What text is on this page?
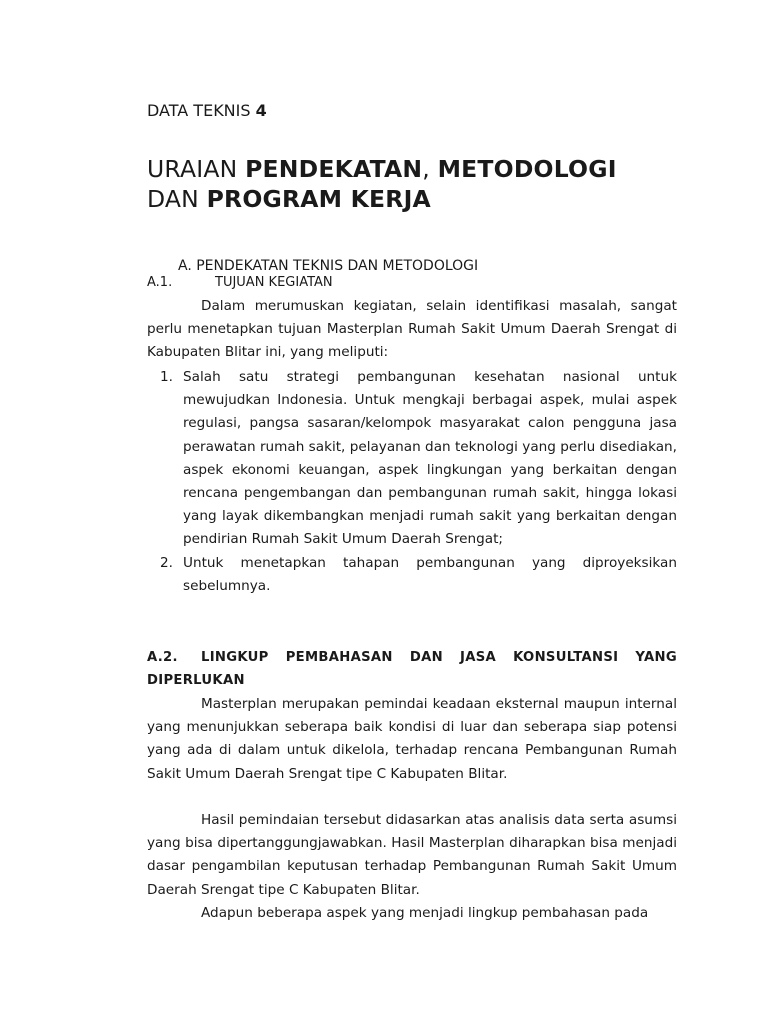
DATA TEKNIS 4
URAIAN PENDEKATAN, METODOLOGI
DAN PROGRAM KERJA
A. PENDEKATAN TEKNIS DAN METODOLOGI
A.1.	TUJUAN KEGIATAN
Dalam merumuskan kegiatan, selain identifikasi masalah, sangat perlu menetapkan tujuan Masterplan Rumah Sakit Umum Daerah Srengat di Kabupaten Blitar ini, yang meliputi:
1. Salah satu strategi pembangunan kesehatan nasional untuk mewujudkan Indonesia. Untuk mengkaji berbagai aspek, mulai aspek regulasi, pangsa sasaran/kelompok masyarakat calon pengguna jasa perawatan rumah sakit, pelayanan dan teknologi yang perlu disediakan, aspek ekonomi keuangan, aspek lingkungan yang berkaitan dengan rencana pengembangan dan pembangunan rumah sakit, hingga lokasi yang layak dikembangkan menjadi rumah sakit yang berkaitan dengan pendirian Rumah Sakit Umum Daerah Srengat;
2. Untuk menetapkan tahapan pembangunan yang diproyeksikan sebelumnya.
A.2. LINGKUP PEMBAHASAN DAN JASA KONSULTANSI YANG DIPERLUKAN
Masterplan merupakan pemindai keadaan eksternal maupun internal yang menunjukkan seberapa baik kondisi di luar dan seberapa siap potensi yang ada di dalam untuk dikelola, terhadap rencana Pembangunan Rumah Sakit Umum Daerah Srengat tipe C Kabupaten Blitar.
Hasil pemindaian tersebut didasarkan atas analisis data serta asumsi yang bisa dipertanggungjawabkan. Hasil Masterplan diharapkan bisa menjadi dasar pengambilan keputusan terhadap Pembangunan Rumah Sakit Umum Daerah Srengat tipe C Kabupaten Blitar.
Adapun beberapa aspek yang menjadi lingkup pembahasan pada
